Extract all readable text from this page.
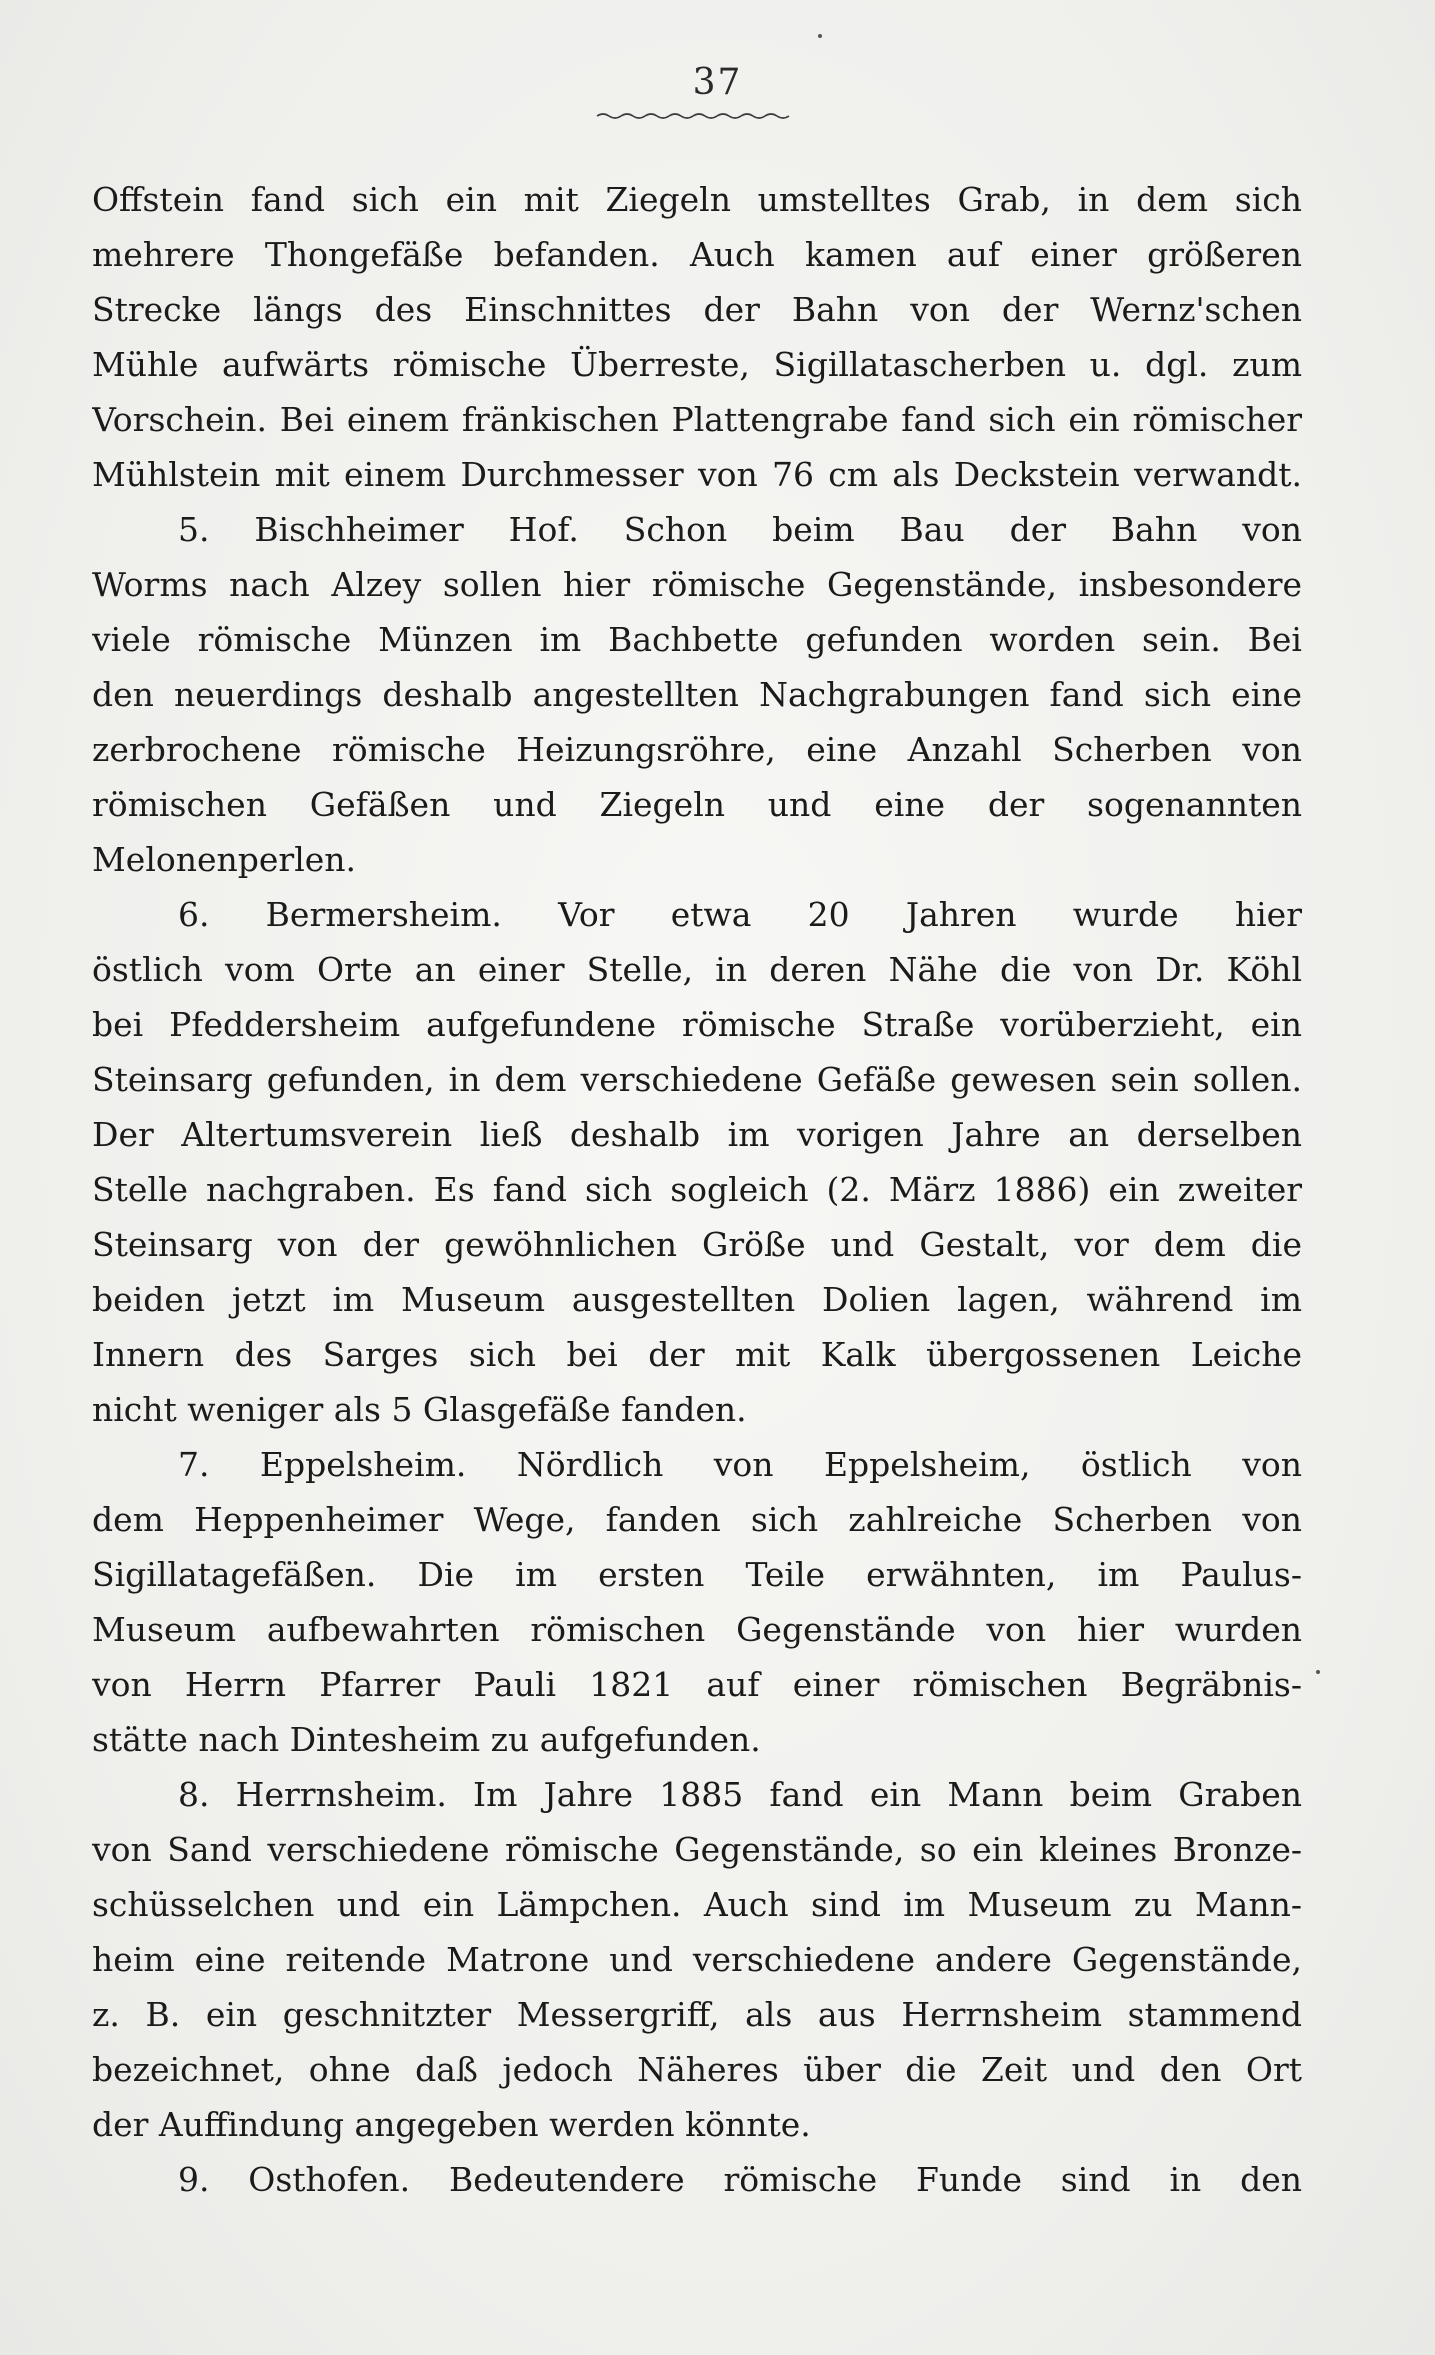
37
Offstein fand sich ein mit Ziegeln umstelltes Grab, in dem sich
mehrere Thongefäße befanden. Auch kamen auf einer größeren
Strecke längs des Einschnittes der Bahn von der Wernz'schen
Mühle aufwärts römische Überreste, Sigillatascherben u. dgl. zum
Vorschein. Bei einem fränkischen Plattengrabe fand sich ein römischer
Mühlstein mit einem Durchmesser von 76 cm als Deckstein verwandt.
5. Bischheimer Hof. Schon beim Bau der Bahn von
Worms nach Alzey sollen hier römische Gegenstände, insbesondere
viele römische Münzen im Bachbette gefunden worden sein. Bei
den neuerdings deshalb angestellten Nachgrabungen fand sich eine
zerbrochene römische Heizungsröhre, eine Anzahl Scherben von
römischen Gefäßen und Ziegeln und eine der sogenannten
Melonenperlen.
6. Bermersheim. Vor etwa 20 Jahren wurde hier
östlich vom Orte an einer Stelle, in deren Nähe die von Dr. Köhl
bei Pfeddersheim aufgefundene römische Straße vorüberzieht, ein
Steinsarg gefunden, in dem verschiedene Gefäße gewesen sein sollen.
Der Altertumsverein ließ deshalb im vorigen Jahre an derselben
Stelle nachgraben. Es fand sich sogleich (2. März 1886) ein zweiter
Steinsarg von der gewöhnlichen Größe und Gestalt, vor dem die
beiden jetzt im Museum ausgestellten Dolien lagen, während im
Innern des Sarges sich bei der mit Kalk übergossenen Leiche
nicht weniger als 5 Glasgefäße fanden.
7. Eppelsheim. Nördlich von Eppelsheim, östlich von
dem Heppenheimer Wege, fanden sich zahlreiche Scherben von
Sigillatagefäßen. Die im ersten Teile erwähnten, im Paulus-
Museum aufbewahrten römischen Gegenstände von hier wurden
von Herrn Pfarrer Pauli 1821 auf einer römischen Begräbnis-
stätte nach Dintesheim zu aufgefunden.
8. Herrnsheim. Im Jahre 1885 fand ein Mann beim Graben
von Sand verschiedene römische Gegenstände, so ein kleines Bronze-
schüsselchen und ein Lämpchen. Auch sind im Museum zu Mann-
heim eine reitende Matrone und verschiedene andere Gegenstände,
z. B. ein geschnitzter Messergriff, als aus Herrnsheim stammend
bezeichnet, ohne daß jedoch Näheres über die Zeit und den Ort
der Auffindung angegeben werden könnte.
9. Osthofen. Bedeutendere römische Funde sind in den
